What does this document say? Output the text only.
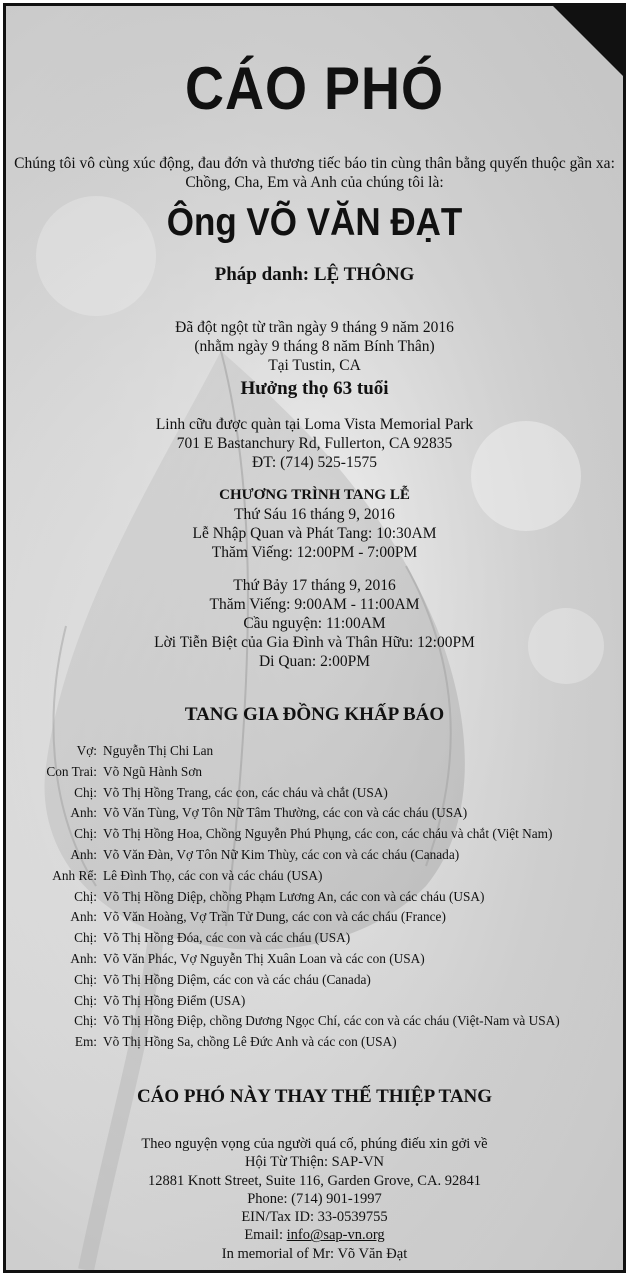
CÁO PHÓ
Chúng tôi vô cùng xúc động, đau đớn và thương tiếc báo tin cùng thân bằng quyến thuộc gần xa:
Chồng, Cha, Em và Anh của chúng tôi là:
Ông VÕ VĂN ĐẠT
Pháp danh: LỆ THÔNG
Đã đột ngột từ trần ngày 9 tháng 9 năm 2016
(nhằm ngày 9 tháng 8 năm Bính Thân)
Tại Tustin, CA
Hưởng thọ 63 tuổi
Linh cữu được quàn tại Loma Vista Memorial Park
701 E Bastanchury Rd, Fullerton, CA 92835
ĐT: (714) 525-1575
CHƯƠNG TRÌNH TANG LỄ
Thứ Sáu 16 tháng 9, 2016
Lễ Nhập Quan và Phát Tang: 10:30AM
Thăm Viếng: 12:00PM - 7:00PM
Thứ Bảy 17 tháng 9, 2016
Thăm Viếng: 9:00AM - 11:00AM
Cầu nguyện: 11:00AM
Lời Tiễn Biệt của Gia Đình và Thân Hữu: 12:00PM
Di Quan: 2:00PM
TANG GIA ĐỒNG KHẤP BÁO
Vợ: Nguyễn Thị Chi Lan
Con Trai: Võ Ngũ Hành Sơn
Chị: Võ Thị Hồng Trang, các con, các cháu và chắt (USA)
Anh: Võ Văn Tùng, Vợ Tôn Nữ Tâm Thường, các con và các cháu (USA)
Chị: Võ Thị Hồng Hoa, Chồng Nguyễn Phú Phụng, các con, các cháu và chắt (Việt Nam)
Anh: Võ Văn Đàn, Vợ Tôn Nữ Kim Thùy, các con và các cháu (Canada)
Anh Rể: Lê Đình Thọ, các con và các cháu (USA)
Chị: Võ Thị Hồng Diệp, chồng Phạm Lương An, các con và các cháu (USA)
Anh: Võ Văn Hoàng, Vợ Trần Tử Dung, các con và các cháu (France)
Chị: Võ Thị Hồng Đóa, các con và các cháu (USA)
Anh: Võ Văn Phác, Vợ Nguyễn Thị Xuân Loan và các con (USA)
Chị: Võ Thị Hồng Diệm, các con và các cháu (Canada)
Chị: Võ Thị Hồng Điểm (USA)
Chị: Võ Thị Hồng Điệp, chồng Dương Ngọc Chí, các con và các cháu (Việt-Nam và USA)
Em: Võ Thị Hồng Sa, chồng Lê Đức Anh và các con (USA)
CÁO PHÓ NÀY THAY THẾ THIỆP TANG
Theo nguyện vọng của người quá cố, phúng điếu xin gởi về
Hội Từ Thiện: SAP-VN
12881 Knott Street, Suite 116, Garden Grove, CA. 92841
Phone: (714) 901-1997
EIN/Tax ID: 33-0539755
Email: info@sap-vn.org
In memorial of Mr: Võ Văn Đạt
